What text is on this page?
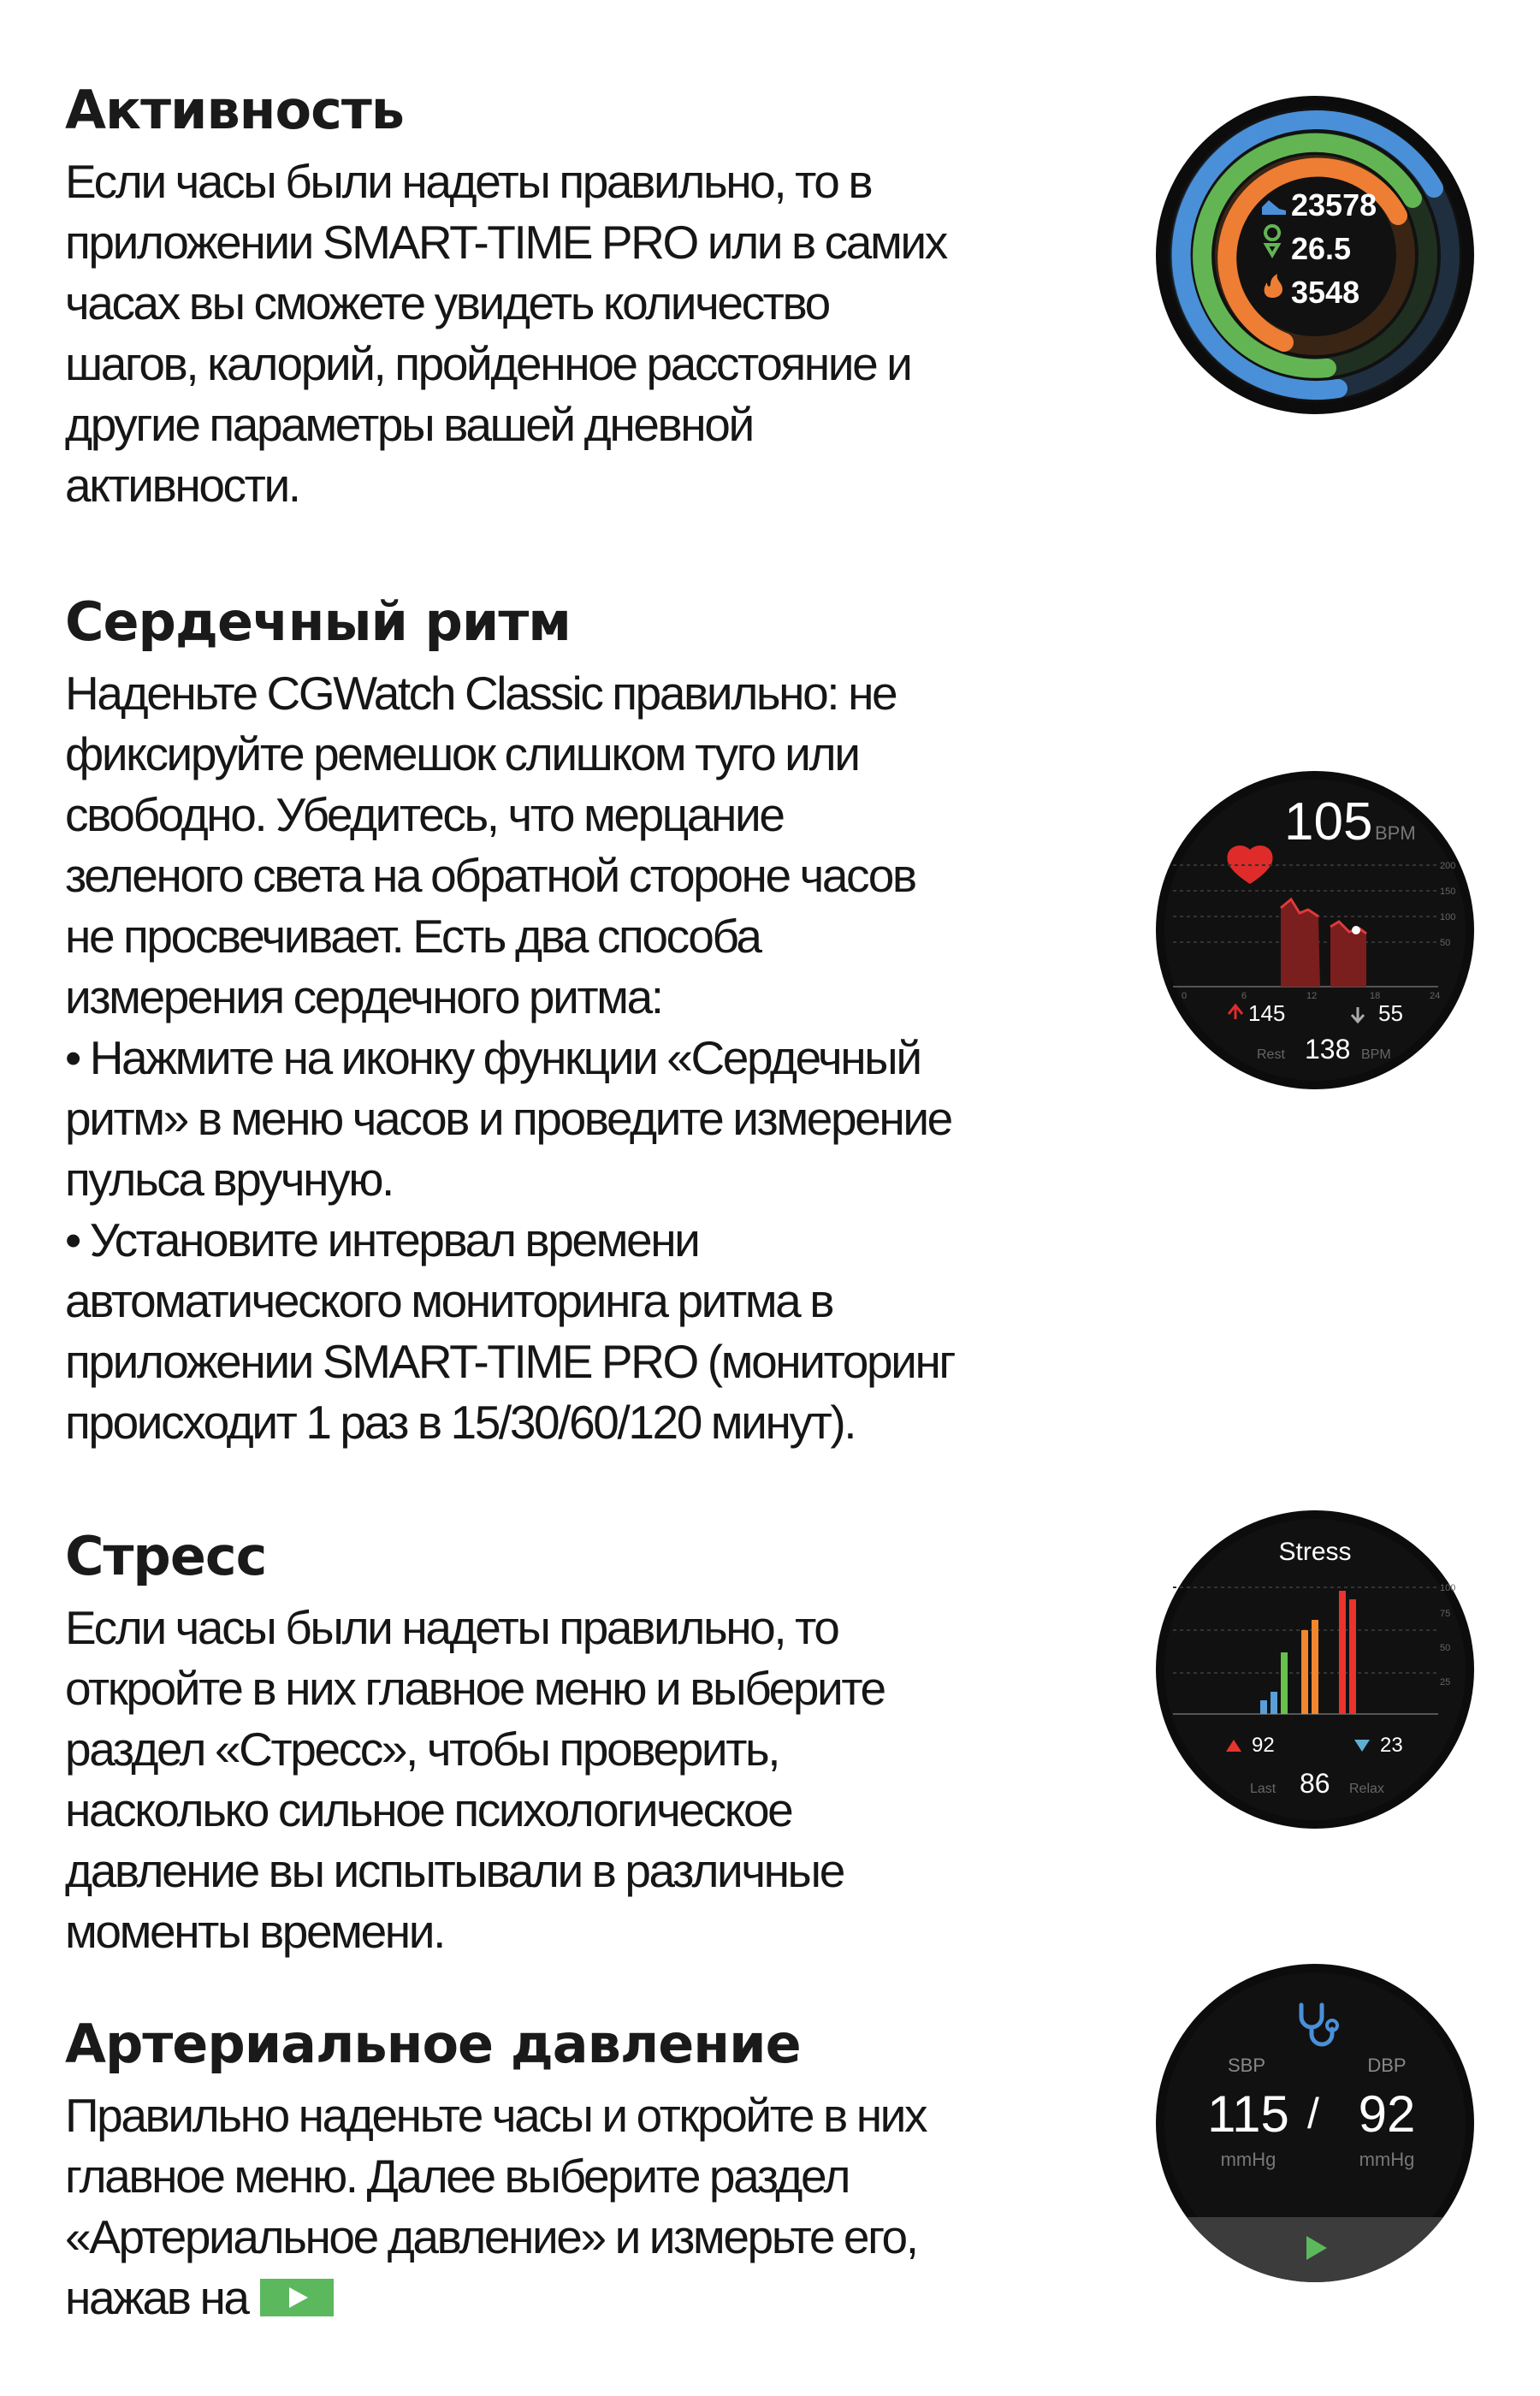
Активность
Если часы были надеты правильно, то в
приложении SMART-TIME PRO или в самих
часах вы сможете увидеть количество
шагов, калорий, пройденное расстояние и
другие параметры вашей дневной
активности.
23578
26.5
3548
Сердечный ритм
Наденьте CGWatch Classic правильно: не
фиксируйте ремешок слишком туго или
свободно. Убедитесь, что мерцание
зеленого света на обратной стороне часов
не просвечивает. Есть два способа
измерения сердечного ритма:
• Нажмите на иконку функции «Сердечный
ритм» в меню часов и проведите измерение
пульса вручную.
• Установите интервал времени
автоматического мониторинга ритма в
приложении SMART-TIME PRO (мониторинг
происходит 1 раз в 15/30/60/120 минут).
105 BPM
200
150
100
50
0	6	12	18	24
145	55
Rest 138 BPM
Стресс
Если часы были надеты правильно, то
откройте в них главное меню и выберите
раздел «Стресс», чтобы проверить,
насколько сильное психологическое
давление вы испытывали в различные
моменты времени.
Stress
100
75
50
25
92	23
Last 86 Relax
Артериальное давление
Правильно наденьте часы и откройте в них
главное меню. Далее выберите раздел
«Артериальное давление» и измерьте его,
нажав на
SBP	DBP
115 / 92
mmHg	mmHg
